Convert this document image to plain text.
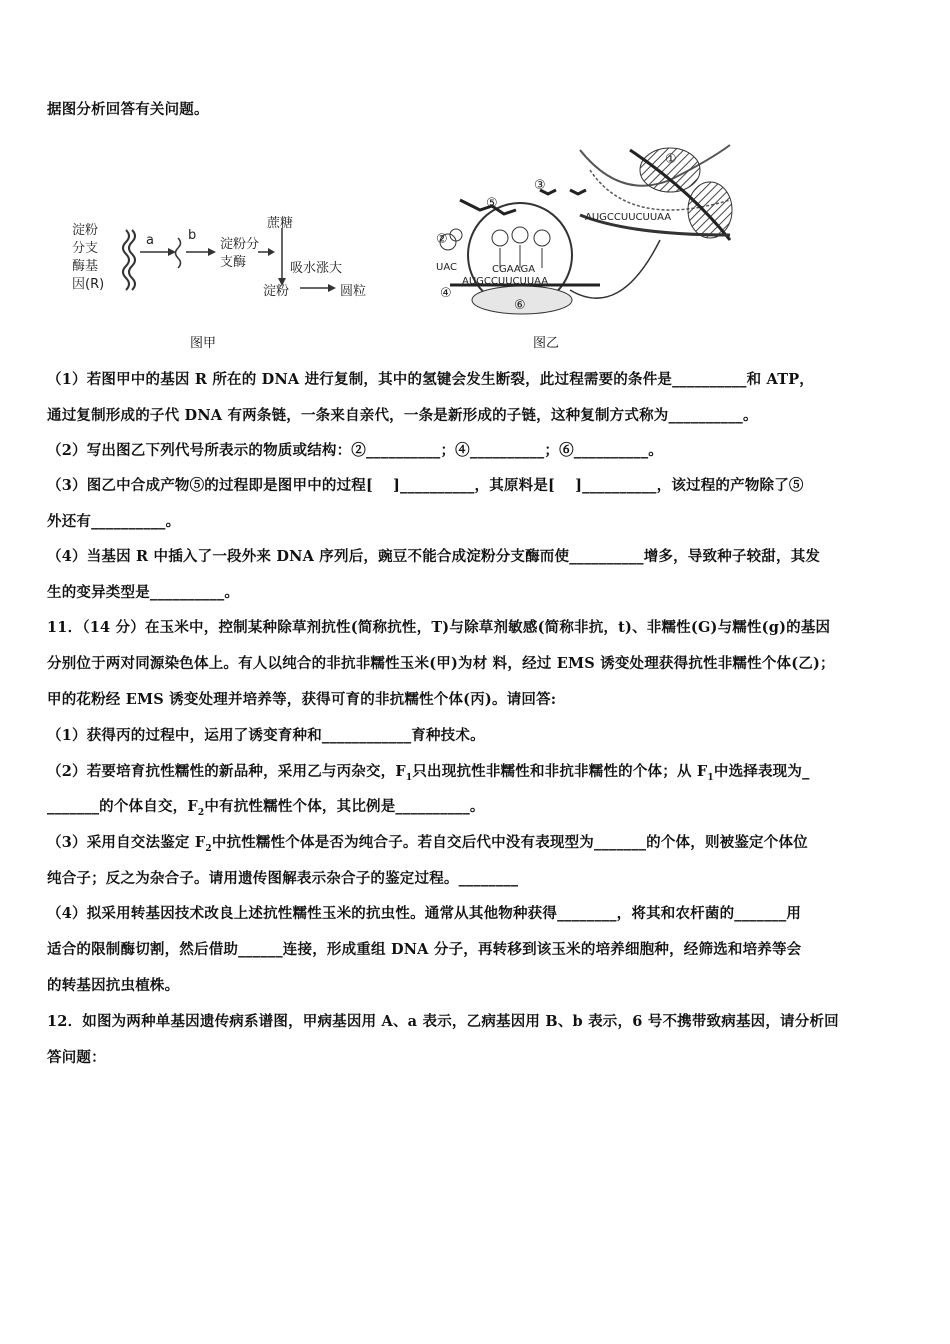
据图分析回答有关问题。
淀粉
分支
酶基
因(R)
a	b
淀粉分
支酶
蔗糖
吸水涨大
淀粉	圆粒
图甲
⑤
③
①
②
④
⑥
AUGCCUUCUUAA
UAC	CGAAGA
AUGCCUUCUUAA
图乙
（1）若图甲中的基因 R 所在的 DNA 进行复制，其中的氢键会发生断裂，此过程需要的条件是__________和 ATP，
通过复制形成的子代 DNA 有两条链，一条来自亲代，一条是新形成的子链，这种复制方式称为__________。
（2）写出图乙下列代号所表示的物质或结构：②__________；④__________；⑥__________。
（3）图乙中合成产物⑤的过程即是图甲中的过程[　 ]__________，其原料是[　 ]__________，该过程的产物除了⑤
外还有__________。
（4）当基因 R 中插入了一段外来 DNA 序列后，豌豆不能合成淀粉分支酶而使__________增多，导致种子较甜，其发
生的变异类型是__________。
11．（14 分）在玉米中，控制某种除草剂抗性(简称抗性，T)与除草剂敏感(简称非抗，t)、非糯性(G)与糯性(g)的基因
分别位于两对同源染色体上。有人以纯合的非抗非糯性玉米(甲)为材 料，经过 EMS 诱变处理获得抗性非糯性个体(乙)；
甲的花粉经 EMS 诱变处理并培养等，获得可育的非抗糯性个体(丙)。请回答:
（1）获得丙的过程中，运用了诱变育种和____________育种技术。
（2）若要培育抗性糯性的新品种，采用乙与丙杂交，$F_1$只出现抗性非糯性和非抗非糯性的个体；从 $F_1$中选择表现为_
_______的个体自交，$F_2$中有抗性糯性个体，其比例是__________。
（3）采用自交法鉴定 $F_2$中抗性糯性个体是否为纯合子。若自交后代中没有表现型为_______的个体，则被鉴定个体位
纯合子；反之为杂合子。请用遗传图解表示杂合子的鉴定过程。________
（4）拟采用转基因技术改良上述抗性糯性玉米的抗虫性。通常从其他物种获得________，将其和农杆菌的_______用
适合的限制酶切割，然后借助______连接，形成重组 DNA 分子，再转移到该玉米的培养细胞种，经筛选和培养等会
的转基因抗虫植株。
12．如图为两种单基因遗传病系谱图，甲病基因用 A、a 表示，乙病基因用 B、b 表示，6 号不携带致病基因，请分析回
答问题：
